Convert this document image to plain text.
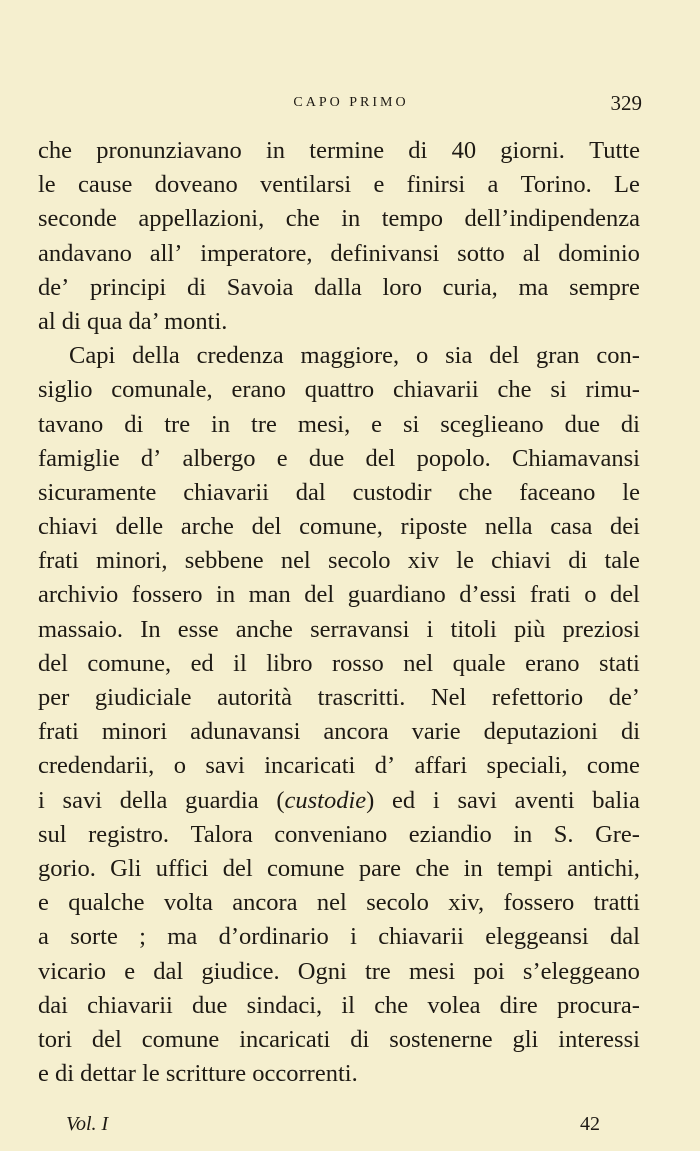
CAPO PRIMO	329
che pronunziavano in termine di 40 giorni. Tutte
le cause doveano ventilarsi e finirsi a Torino. Le
seconde appellazioni, che in tempo dell’indipendenza
andavano all’ imperatore, definivansi sotto al dominio
de’ principi di Savoia dalla loro curia, ma sempre
al di qua da’ monti.
Capi della credenza maggiore, o sia del gran con-
siglio comunale, erano quattro chiavarii che si rimu-
tavano di tre in tre mesi, e si sceglieano due di
famiglie d’ albergo e due del popolo. Chiamavansi
sicuramente chiavarii dal custodir che faceano le
chiavi delle arche del comune, riposte nella casa dei
frati minori, sebbene nel secolo xiv le chiavi di tale
archivio fossero in man del guardiano d’essi frati o del
massaio. In esse anche serravansi i titoli più preziosi
del comune, ed il libro rosso nel quale erano stati
per giudiciale autorità trascritti. Nel refettorio de’
frati minori adunavansi ancora varie deputazioni di
credendarii, o savi incaricati d’ affari speciali, come
i savi della guardia (custodie) ed i savi aventi balia
sul registro. Talora conveniano eziandio in S. Gre-
gorio. Gli uffici del comune pare che in tempi antichi,
e qualche volta ancora nel secolo xiv, fossero tratti
a sorte ; ma d’ordinario i chiavarii eleggeansi dal
vicario e dal giudice. Ogni tre mesi poi s’eleggeano
dai chiavarii due sindaci, il che volea dire procura-
tori del comune incaricati di sostenerne gli interessi
e di dettar le scritture occorrenti.
Vol. I	42
